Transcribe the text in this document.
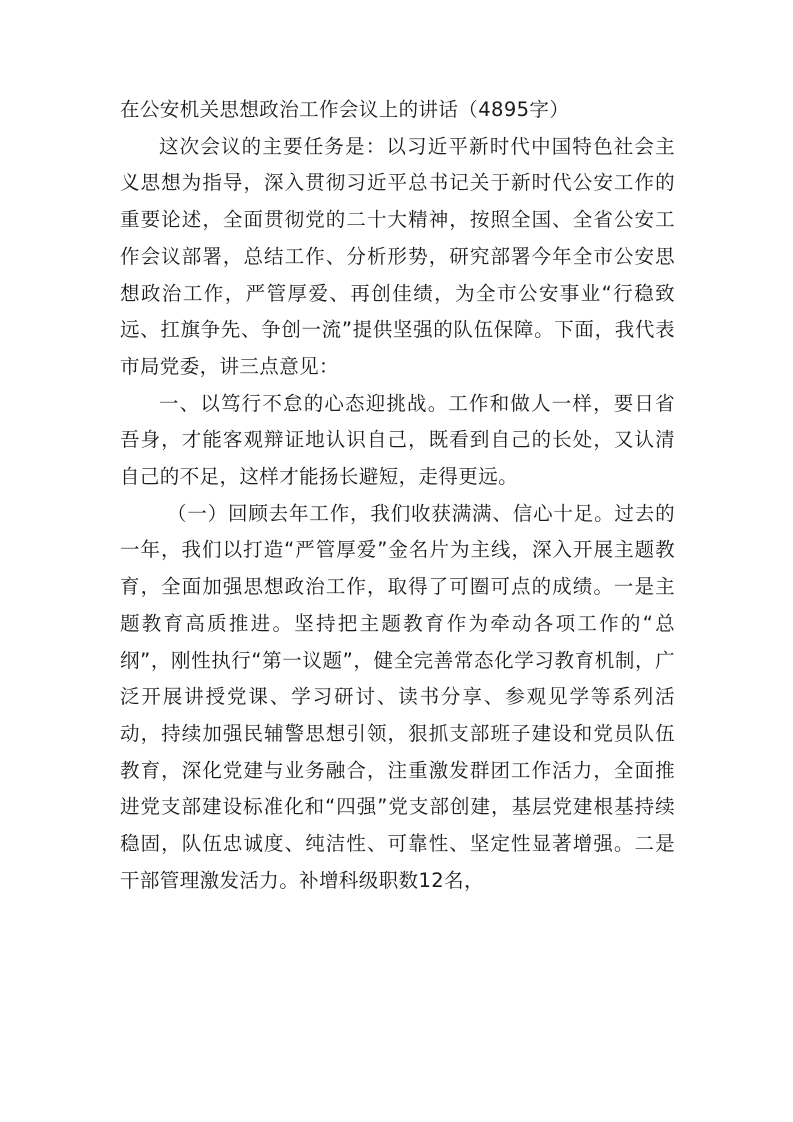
在公安机关思想政治工作会议上的讲话（4895字）

这次会议的主要任务是：以习近平新时代中国特色社会主义思想为指导，深入贯彻习近平总书记关于新时代公安工作的重要论述，全面贯彻党的二十大精神，按照全国、全省公安工作会议部署，总结工作、分析形势，研究部署今年全市公安思想政治工作，严管厚爱、再创佳绩，为全市公安事业“行稳致远、扛旗争先、争创一流”提供坚强的队伍保障。下面，我代表市局党委，讲三点意见：

一、以笃行不怠的心态迎挑战。工作和做人一样，要日省吾身，才能客观辩证地认识自己，既看到自己的长处，又认清自己的不足，这样才能扬长避短，走得更远。

（一）回顾去年工作，我们收获满满、信心十足。过去的一年，我们以打造“严管厚爱”金名片为主线，深入开展主题教育，全面加强思想政治工作，取得了可圈可点的成绩。一是主题教育高质推进。坚持把主题教育作为牵动各项工作的“总纲”，刚性执行“第一议题”，健全完善常态化学习教育机制，广泛开展讲授党课、学习研讨、读书分享、参观见学等系列活动，持续加强民辅警思想引领，狠抓支部班子建设和党员队伍教育，深化党建与业务融合，注重激发群团工作活力，全面推进党支部建设标准化和“四强”党支部创建，基层党建根基持续稳固，队伍忠诚度、纯洁性、可靠性、坚定性显著增强。二是干部管理激发活力。补增科级职数12名，
